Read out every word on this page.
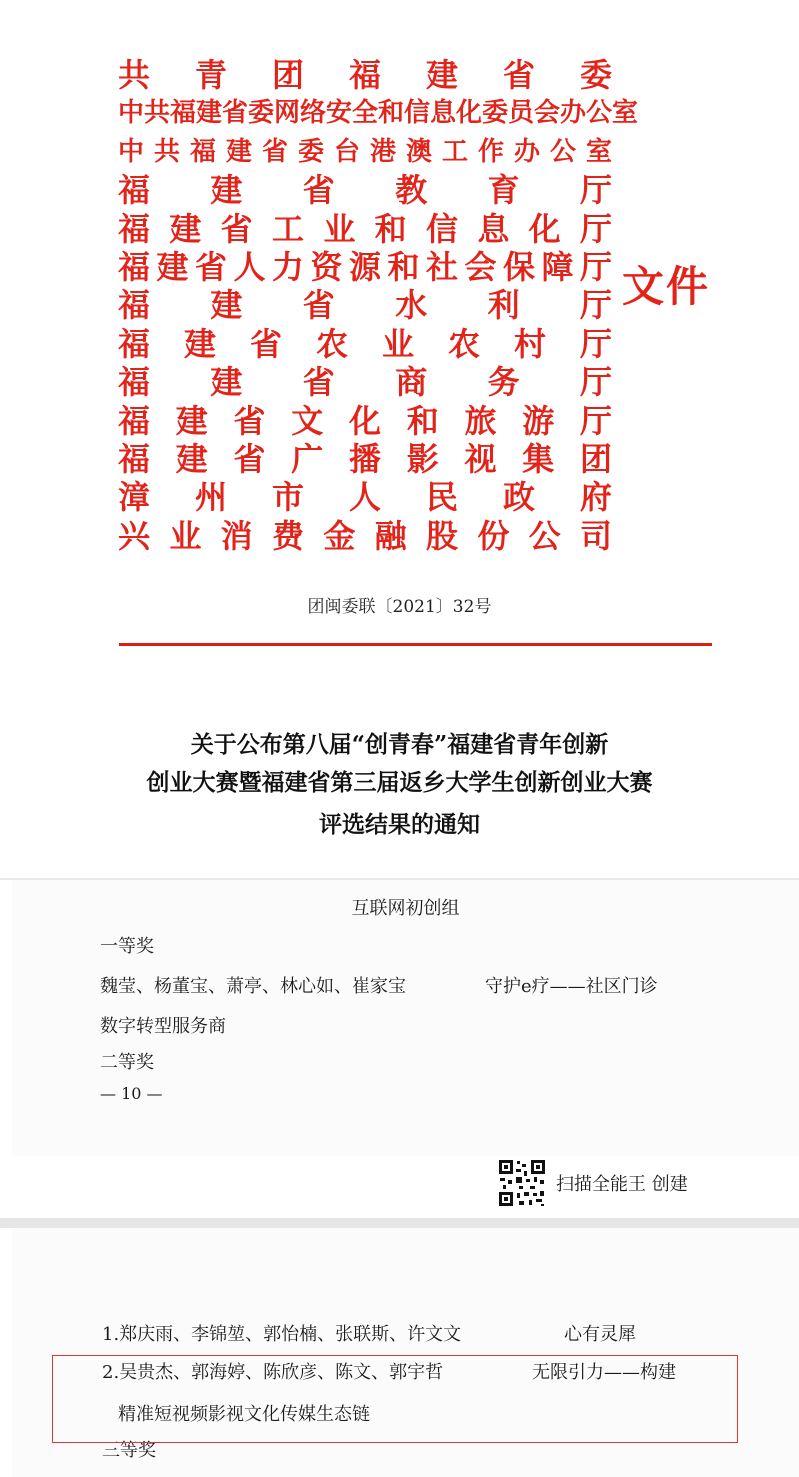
共青团福建省委
中共福建省委网络安全和信息化委员会办公室
中共福建省委台港澳工作办公室
福建省教育厅
福建省工业和信息化厅
福建省人力资源和社会保障厅
福建省水利厅
福建省农业农村厅
福建省商务厅
福建省文化和旅游厅
福建省广播影视集团
漳州市人民政府
兴业消费金融股份公司
文件
团闽委联〔2021〕32号
关于公布第八届“创青春”福建省青年创新
创业大赛暨福建省第三届返乡大学生创新创业大赛
评选结果的通知
互联网初创组
一等奖
魏莹、杨董宝、萧亭、林心如、崔家宝	守护e疗——社区门诊
数字转型服务商
二等奖
— 10 —
扫描全能王 创建
1.郑庆雨、李锦堃、郭怡楠、张联斯、许文文	心有灵犀
2.吴贵杰、郭海婷、陈欣彦、陈文、郭宇哲	无限引力——构建
精准短视频影视文化传媒生态链
三等奖
